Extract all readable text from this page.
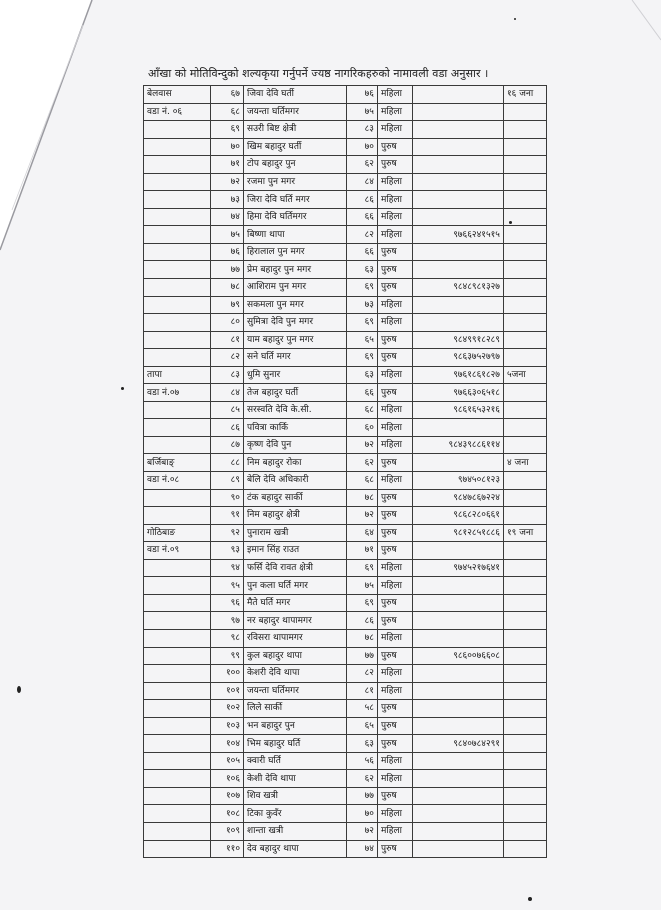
आँखा को मोतिविन्दुको शल्यकृया गर्नुपर्ने ज्यष्ठ नागरिकहरुको नामावली वडा अनुसार ।
बेलवास	६७	जिवा देवि घर्ती	७६	महिला		१६ जना
वडा नं. ०६	६८	जयन्ता घर्तिमगर	७५	महिला		
	६९	सउरी बिष्ट क्षेत्री	८३	महिला		
	७०	खिम बहादुर घर्ती	७०	पुरुष		
	७१	टोप बहादुर पुन	६२	पुरुष		
	७२	रजमा पुन मगर	८४	महिला		
	७३	जिरा देवि घर्ति मगर	८६	महिला		
	७४	हिमा देवि घर्तिमगर	६६	महिला		
	७५	बिष्णा थापा	८२	महिला	९७६६२४१५१५	
	७६	हिरालाल पुन मगर	६६	पुरुष		
	७७	प्रेम बहादुर पुन मगर	६३	पुरुष		
	७८	आशिराम पुन मगर	६९	पुरुष	९८४८९८१३२७	
	७९	सकमला पुन मगर	७३	महिला		
	८०	सुमित्रा देवि पुन मगर	६९	महिला		
	८१	याम बहादुर पुन मगर	६५	पुरुष	९८४९९१८२८९	
	८२	सने घर्ति मगर	६९	पुरुष	९८६३७५२७९७	
तापा	८३	धुमि सुनार	६३	महिला	९७६१८६१८२७	५जना
वडा नं.०७	८४	तेज बहादुर घर्ती	६६	पुरुष	९७६६३०६५१८	
	८५	सरस्वति देवि के.सी.	६८	महिला	९८६१६५३२१६	
	८६	पवित्रा कार्कि	६०	महिला		
	८७	कृष्ण देवि पुन	७२	महिला	९८४३९८८६११४	
बर्जिबाङ्	८८	निम बहादुर रोका	६२	पुरुष		४ जना
वडा नं.०८	८९	बेलि देवि अधिकारी	६८	महिला	९७४५०८१२३	
	९०	टंक बहादुर सार्की	७८	पुरुष	९८४७८६७२२४	
	९१	निम बहादुर क्षेत्री	७२	पुरुष	९८६८२८०६६१	
गोठिबाङ	९२	पुनाराम खत्री	६४	पुरुष	९८१२८५१८८६	१९ जना
वडा नं.०९	९३	इमान सिंह राउत	७१	पुरुष		
	९४	फर्सि देवि रावत क्षेत्री	६९	महिला	९७४५२१७६४१	
	९५	पुन कला घर्ति मगर	७५	महिला		
	९६	मैते घर्ति मगर	६९	पुरुष		
	९७	नर बहादुर थापामगर	८६	पुरुष		
	९८	रविसरा थापामगर	७८	महिला		
	९९	कुल बहादुर थापा	७७	पुरुष	९८६००७६६०८	
	१००	केशरी देवि थापा	८२	महिला		
	१०१	जयन्ता घर्तिमगर	८१	महिला		
	१०२	लिले सार्की	५८	पुरुष		
	१०३	भन बहादुर पुन	६५	पुरुष		
	१०४	भिम बहादुर घर्ति	६३	पुरुष	९८४०७८४२९१	
	१०५	क्वारी घर्ति	५६	महिला		
	१०६	केशी देवि थापा	६२	महिला		
	१०७	शिव खत्री	७७	पुरुष		
	१०८	टिका कुवँर	७०	महिला		
	१०९	शान्ता खत्री	७२	महिला		
	११०	देव बहादुर थापा	७४	पुरुष		
